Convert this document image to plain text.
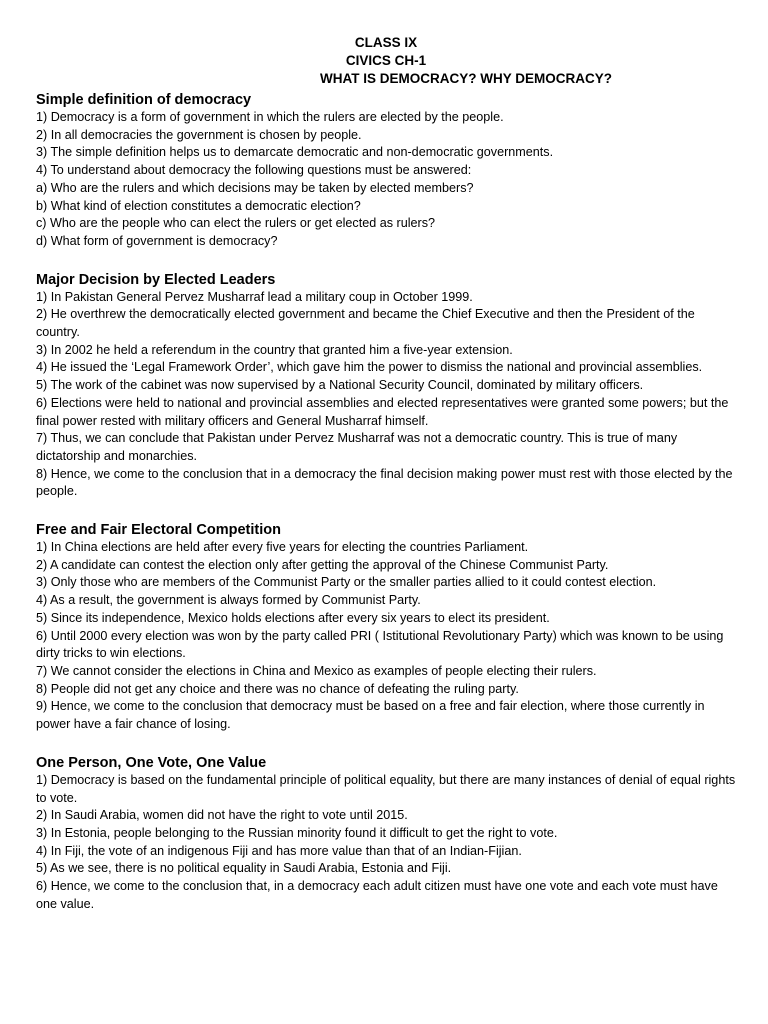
CLASS IX
CIVICS CH-1
WHAT IS DEMOCRACY? WHY DEMOCRACY?
Simple definition of democracy

1) Democracy is a form of government in which the rulers are elected by the people.

2) In all democracies the government is chosen by people.

3) The simple definition helps us to demarcate democratic and non-democratic governments.

4) To understand about democracy the following questions must be answered:

a) Who are the rulers and which decisions may be taken by elected members?

b) What kind of election constitutes a democratic election?

c) Who are the people who can elect the rulers or get elected as rulers?

d) What form of government is democracy?

Major Decision by Elected Leaders

1) In Pakistan General Pervez Musharraf lead a military coup in October 1999.

2) He overthrew the democratically elected government and became the Chief Executive and then the President of the country.

3) In 2002 he held a referendum in the country that granted him a five-year extension.

4) He issued the ‘Legal Framework Order’, which gave him the power to dismiss the national and provincial assemblies.

5) The work of the cabinet was now supervised by a National Security Council, dominated by military officers.

6) Elections were held to national and provincial assemblies and elected representatives were granted some powers; but the final power rested with military officers and General Musharraf himself.

7) Thus, we can conclude that Pakistan under Pervez Musharraf was not a democratic country. This is true of many dictatorship and monarchies.

8) Hence, we come to the conclusion that in a democracy the final decision making power must rest with those elected by the people.

Free and Fair Electoral Competition

1) In China elections are held after every five years for electing the countries Parliament.

2) A candidate can contest the election only after getting the approval of the Chinese Communist Party.

3) Only those who are members of the Communist Party or the smaller parties allied to it could contest election.

4) As a result, the government is always formed by Communist Party.

5) Since its independence, Mexico holds elections after every six years to elect its president.

6) Until 2000 every election was won by the party called PRI ( Istitutional Revolutionary Party) which was known to be using dirty tricks to win elections.

7) We cannot consider the elections in China and Mexico as examples of people electing their rulers.

8) People did not get any choice and there was no chance of defeating the ruling party.

9) Hence, we come to the conclusion that democracy must be based on a free and fair election, where those currently in power have a fair chance of losing.

One Person, One Vote, One Value

1) Democracy is based on the fundamental principle of political equality, but there are many instances of denial of equal rights to vote.

2) In Saudi Arabia, women did not have the right to vote until 2015.

3) In Estonia, people belonging to the Russian minority found it difficult to get the right to vote.

4) In Fiji, the vote of an indigenous Fiji and has more value than that of an Indian-Fijian.

5) As we see, there is no political equality in Saudi Arabia, Estonia and Fiji.

6) Hence, we come to the conclusion that, in a democracy each adult citizen must have one vote and each vote must have one value.
